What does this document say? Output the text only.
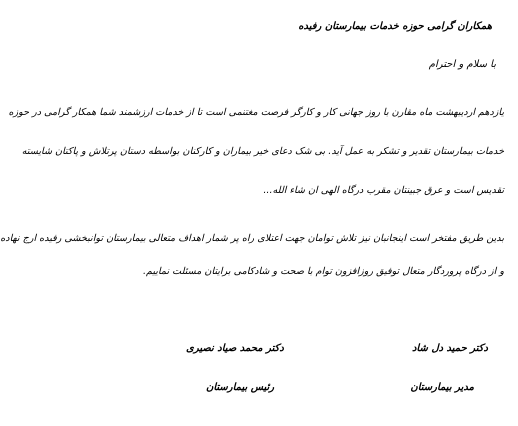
همکاران گرامی حوزه خدمات بیمارستان رفیده
با سلام و احترام
یازدهم اردیبهشت ماه مقارن با روز جهانی کار و کارگر فرصت مغتنمی است تا از خدمات ارزشمند شما همکار گرامی در حوزه
خدمات بیمارستان تقدیر و تشکر به عمل آید. بی شک دعای خیر بیماران و کارکنان بواسطه دستان پرتلاش و پاکتان شایسته
تقدیس است و عرق جبینتان مقرب درگاه الهی ان شاء الله...
بدین طریق مفتخر است اینجانبان نیز تلاش توامان جهت اعتلای راه پر شمار اهداف متعالی بیمارستان توانبخشی رفیده ارج نهاده
و از درگاه پروردگار متعال توفیق روزافزون توام با صحت و شادکامی برایتان مسئلت نماییم.
دکتر حمید دل شاد
مدیر بیمارستان
دکتر محمد صیاد نصیری
رئیس بیمارستان
